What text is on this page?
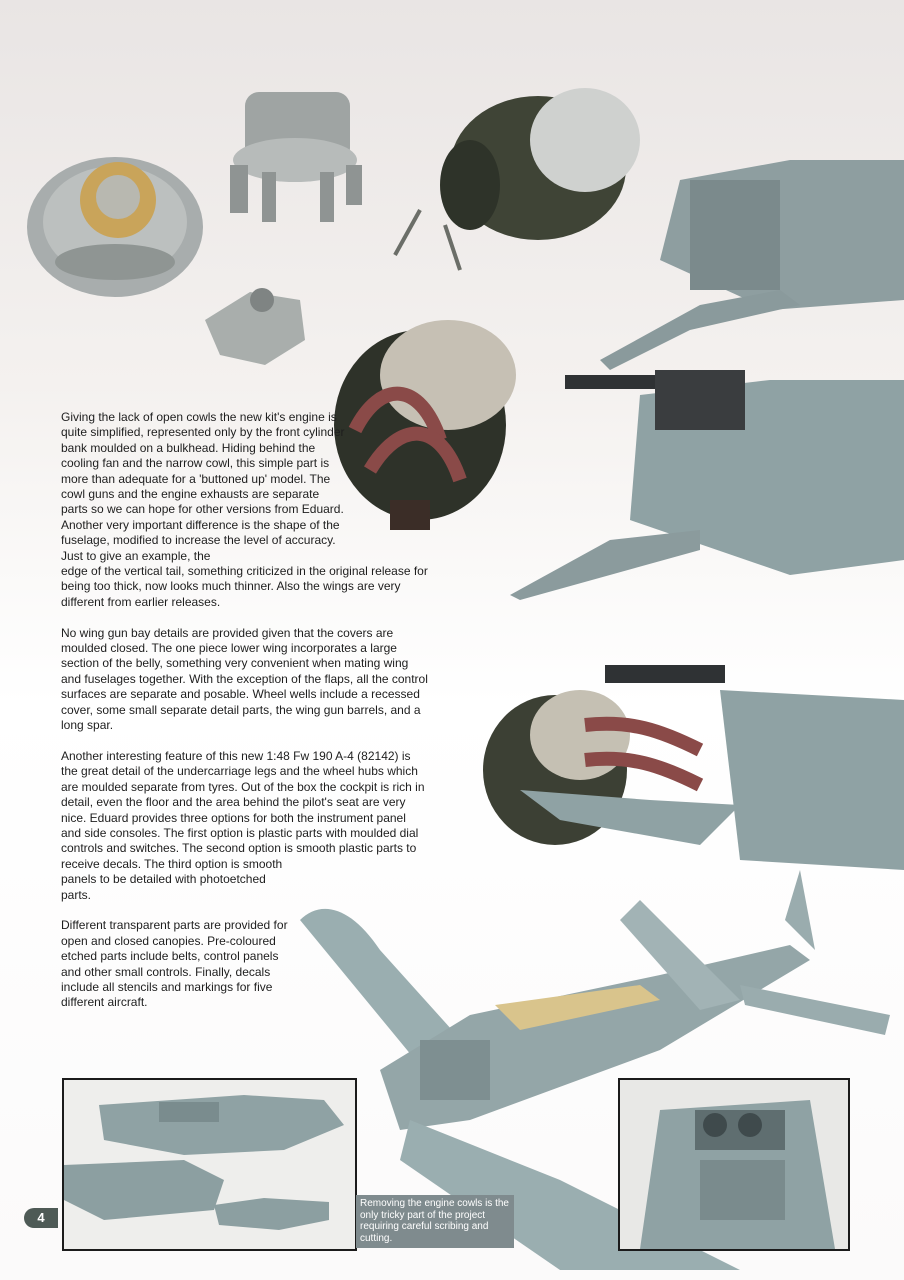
Giving the lack of open cowls the new kit's engine is quite simplified, represented only by the front cylinder bank moulded on a bulkhead. Hiding behind the cooling fan and the narrow cowl, this simple part is more than adequate for a 'buttoned up' model. The cowl guns and the engine exhausts are separate parts so we can hope for other versions from Eduard. Another very important difference is the shape of the fuselage, modified to increase the level of accuracy. Just to give an example, the
edge of the vertical tail, something criticized in the original release for being too thick, now looks much thinner. Also the wings are very different from earlier releases.

No wing gun bay details are provided given that the covers are moulded closed. The one piece lower wing incorporates a large section of the belly, something very convenient when mating wing and fuselages together. With the exception of the flaps, all the control surfaces are separate and posable. Wheel wells include a recessed cover, some small separate detail parts, the wing gun barrels, and a long spar.

Another interesting feature of this new 1:48 Fw 190 A-4 (82142) is the great detail of the undercarriage legs and the wheel hubs which are moulded separate from tyres. Out of the box the cockpit is rich in detail, even the floor and the area behind the pilot's seat are very nice. Eduard provides three options for both the instrument panel and side consoles. The first option is plastic parts with moulded dial controls and switches. The second option is smooth plastic parts to receive decals. The third option is smooth
panels to be detailed with photoetched parts.

Different transparent parts are provided for open and closed canopies. Pre-coloured etched parts include belts, control panels and other small controls. Finally, decals include all stencils and markings for five different aircraft.

Removing the engine cowls is the only tricky part of the project requiring careful scribing and cutting.
4
